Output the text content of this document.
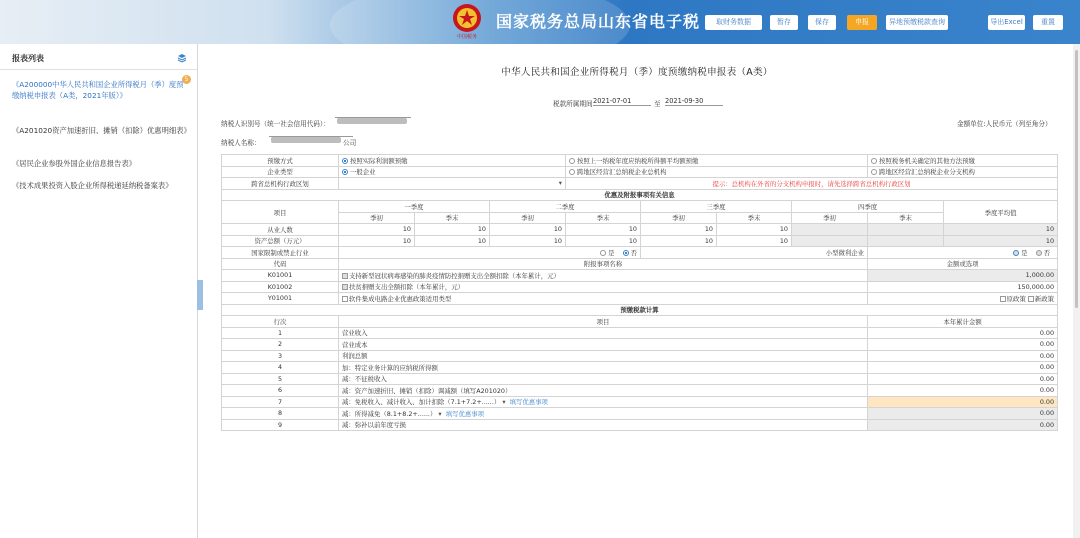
中国税务
国家税务总局山东省电子税	取财务数据	暂存	保存	申报	异地预缴税款查询	导出Excel	重置
报表列表
5
《A200000中华人民共和国企业所得税月（季）度预缴纳税申报表（A类，2021年版）》
《A201020资产加速折旧、摊销（扣除）优惠明细表》
《居民企业参股外国企业信息报告表》
《技术成果投资入股企业所得税递延纳税备案表》
中华人民共和国企业所得税月（季）度预缴纳税申报表（A类）
税款所属期间 2021-07-01	至 2021-09-30
纳税人识别号（统一社会信用代码）：	金额单位:人民币元（列至角分）
纳税人名称：	公司
预缴方式	按照实际利润额预缴			按照上一纳税年度应纳税所得额平均额预缴				按照税务机关确定的其他方法预缴	
企业类型	一般企业			跨地区经营汇总纳税企业总机构				跨地区经营汇总纳税企业分支机构	
跨省总机构行政区划	▾			提示：总机构在外省的分支机构申报时，请先选择跨省总机构行政区划					
优惠及附报事项有关信息									
项目	一季度		二季度		三季度		四季度		季度平均值
	季初	季末	季初	季末	季初	季末	季初	季末	
从业人数	10	10	10	10	10	10			10
资产总额（万元）	10	10	10	10	10	10			10
国家限制或禁止行业	是 否				小型微利企业			是 否	
代码	附报事项名称							金额或选项	
K01001	支持新型冠状病毒感染的肺炎疫情防控捐赠支出全额扣除（本年累计，元）							1,000.00	
K01002	扶贫捐赠支出全额扣除（本年累计，元）							150,000.00	
Y01001	软件集成电路企业优惠政策适用类型							原政策 新政策	
预缴税款计算									
行次	项目							本年累计金额	
1	营业收入							0.00	
2	营业成本							0.00	
3	利润总额							0.00	
4	加：特定业务计算的应纳税所得额							0.00	
5	减：不征税收入							0.00	
6	减：资产加速折旧、摊销（扣除）调减额（填写A201020）							0.00	
7	减：免税收入、减计收入、加计扣除（7.1+7.2+......） ▾ 填写优惠事项							0.00	
8	减：所得减免（8.1+8.2+......） ▾ 填写优惠事项							0.00	
9	减：弥补以前年度亏损							0.00	
